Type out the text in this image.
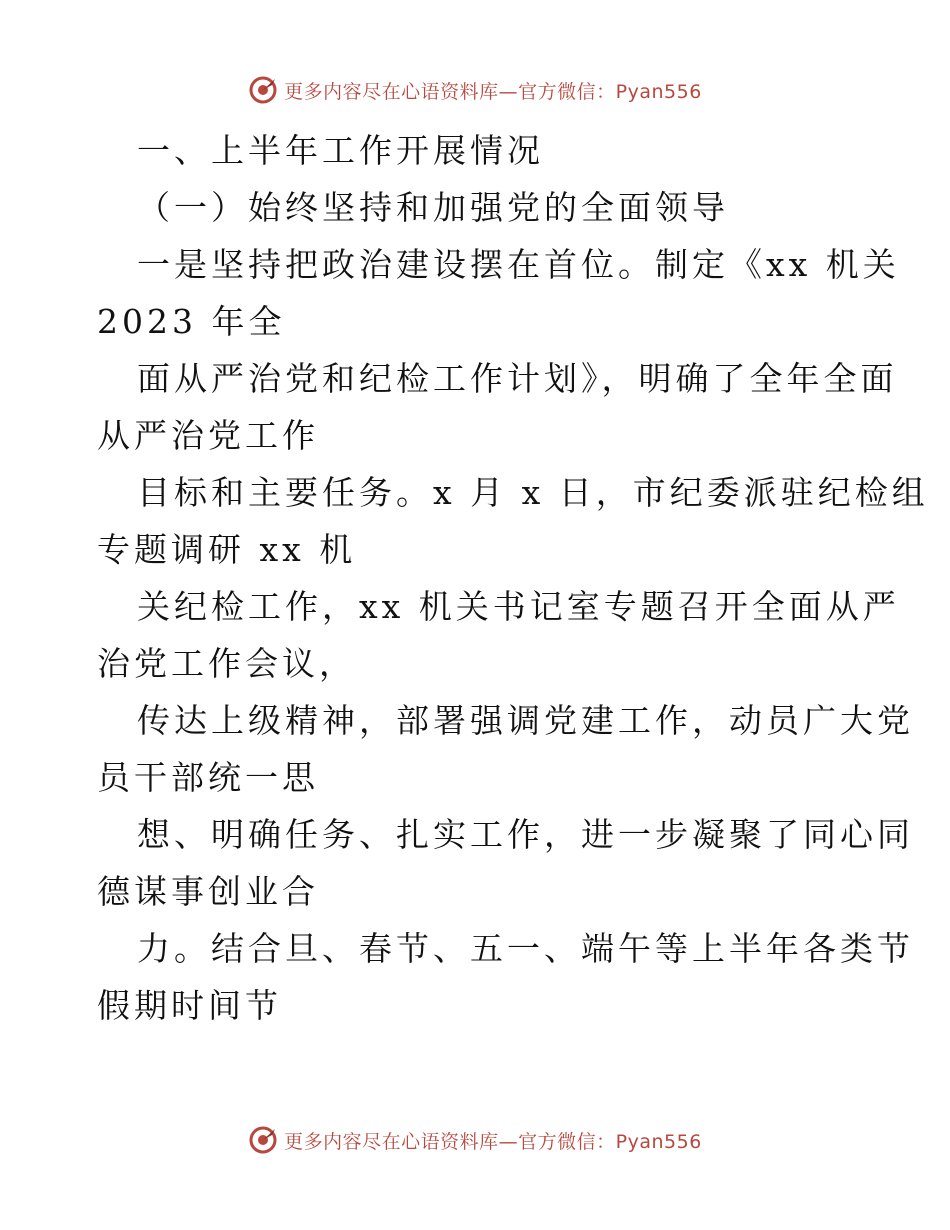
更多内容尽在心语资料库—官方微信：Pyan556
一、上半年工作开展情况
（一）始终坚持和加强党的全面领导
一是坚持把政治建设摆在首位。制定《xx 机关
2023 年全
面从严治党和纪检工作计划》，明确了全年全面
从严治党工作
目标和主要任务。x 月 x 日，市纪委派驻纪检组
专题调研 xx 机
关纪检工作，xx 机关书记室专题召开全面从严
治党工作会议，
传达上级精神，部署强调党建工作，动员广大党
员干部统一思
想、明确任务、扎实工作，进一步凝聚了同心同
德谋事创业合
力。结合旦、春节、五一、端午等上半年各类节
假期时间节
更多内容尽在心语资料库—官方微信：Pyan556
